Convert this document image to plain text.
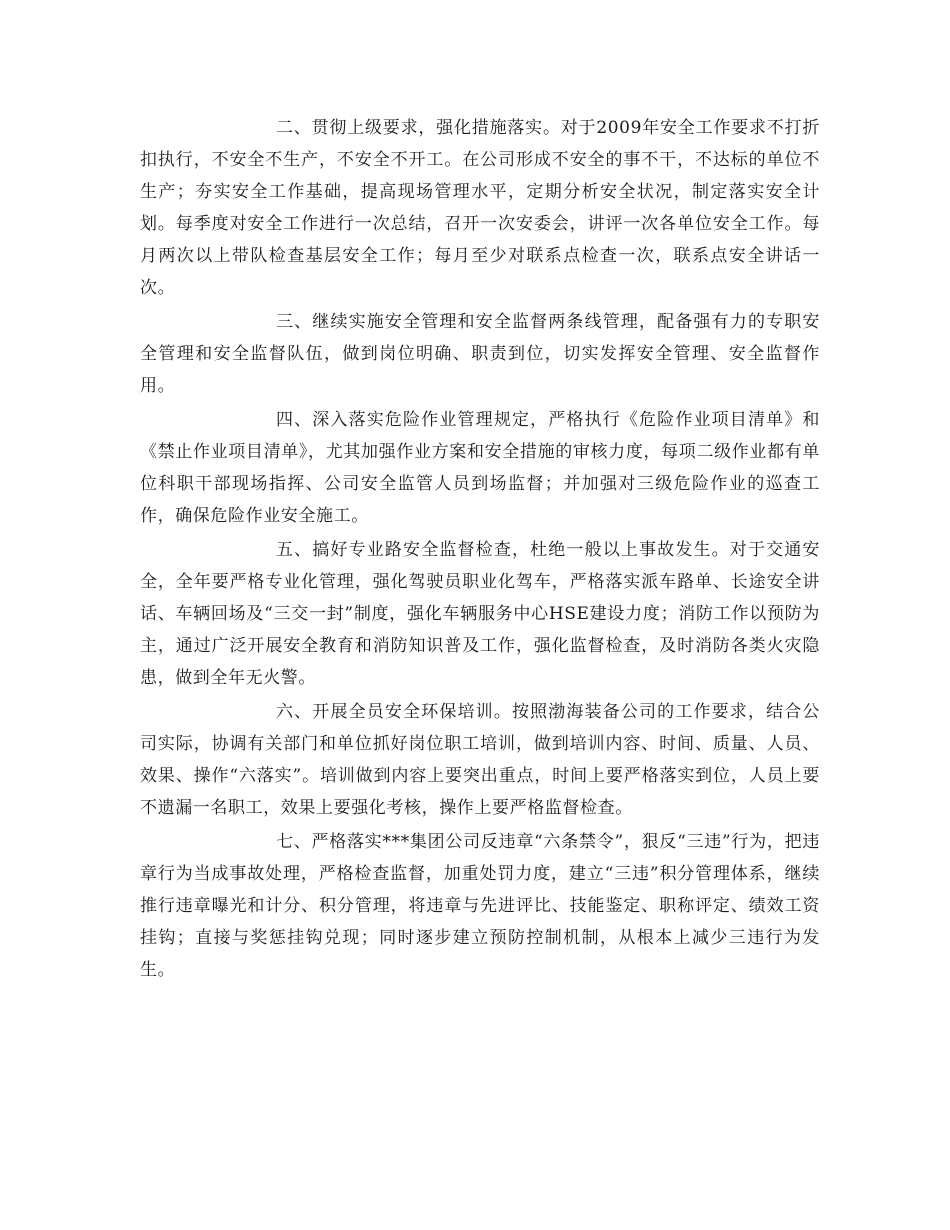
二、贯彻上级要求，强化措施落实。对于2009年安全工作要求不打折扣执行，不安全不生产，不安全不开工。在公司形成不安全的事不干，不达标的单位不生产；夯实安全工作基础，提高现场管理水平，定期分析安全状况，制定落实安全计划。每季度对安全工作进行一次总结，召开一次安委会，讲评一次各单位安全工作。每月两次以上带队检查基层安全工作；每月至少对联系点检查一次，联系点安全讲话一次。

三、继续实施安全管理和安全监督两条线管理，配备强有力的专职安全管理和安全监督队伍，做到岗位明确、职责到位，切实发挥安全管理、安全监督作用。

四、深入落实危险作业管理规定，严格执行《危险作业项目清单》和《禁止作业项目清单》，尤其加强作业方案和安全措施的审核力度，每项二级作业都有单位科职干部现场指挥、公司安全监管人员到场监督；并加强对三级危险作业的巡查工作，确保危险作业安全施工。

五、搞好专业路安全监督检查，杜绝一般以上事故发生。对于交通安全，全年要严格专业化管理，强化驾驶员职业化驾车，严格落实派车路单、长途安全讲话、车辆回场及“三交一封”制度，强化车辆服务中心HSE建设力度；消防工作以预防为主，通过广泛开展安全教育和消防知识普及工作，强化监督检查，及时消防各类火灾隐患，做到全年无火警。

六、开展全员安全环保培训。按照渤海装备公司的工作要求，结合公司实际，协调有关部门和单位抓好岗位职工培训，做到培训内容、时间、质量、人员、效果、操作“六落实”。培训做到内容上要突出重点，时间上要严格落实到位，人员上要不遗漏一名职工，效果上要强化考核，操作上要严格监督检查。

七、严格落实***集团公司反违章“六条禁令”，狠反“三违”行为，把违章行为当成事故处理，严格检查监督，加重处罚力度，建立“三违”积分管理体系，继续推行违章曝光和计分、积分管理，将违章与先进评比、技能鉴定、职称评定、绩效工资挂钩；直接与奖惩挂钩兑现；同时逐步建立预防控制机制，从根本上减少三违行为发生。
